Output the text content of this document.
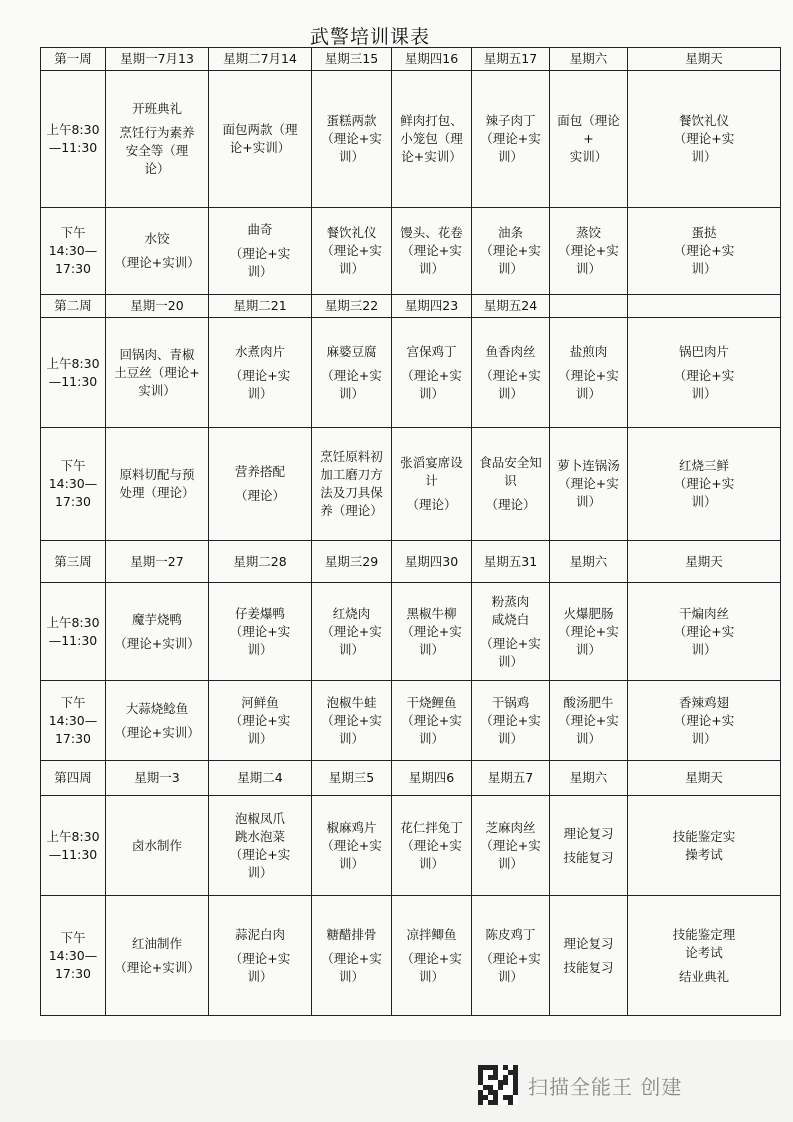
武警培训课表
第一周	星期一7月13	星期二7月14	星期三15	星期四16	星期五17	星期六	星期天

上午8:30
—11:30	开班典礼
烹饪行为素养
安全等（理
论）	面包两款（理
论+实训）	蛋糕两款
（理论+实
训）	鲜肉打包、
小笼包（理
论+实训）	辣子肉丁
（理论+实
训）	面包（理论+
实训）	餐饮礼仪
（理论+实
训）

下午
14:30—
17:30	水饺
（理论+实训）	曲奇
（理论+实
训）	餐饮礼仪
（理论+实训）	馒头、花卷
（理论+实
训）	油条
（理论+实训）	蒸饺
（理论+实
训）	蛋挞
（理论+实
训）

第二周	星期一20	星期二21	星期三22	星期四23	星期五24		

上午8:30
—11:30	回锅肉、青椒
土豆丝（理论+
实训）	水煮肉片
（理论+实
训）	麻婆豆腐
（理论+实
训）	宫保鸡丁
（理论+实
训）	鱼香肉丝
（理论+实
训）	盐煎肉
（理论+实
训）	锅巴肉片
（理论+实
训）

下午
14:30—
17:30	原料切配与预
处理（理论）	营养搭配
（理论）	烹饪原料初
加工磨刀方
法及刀具保
养（理论）	张滔宴席设
计
（理论）	食品安全知
识
（理论）	萝卜连锅汤
（理论+实
训）	红烧三鲜
（理论+实
训）

第三周	星期一27	星期二28	星期三29	星期四30	星期五31	星期六	星期天

上午8:30
—11:30	魔芋烧鸭
（理论+实训）	仔姜爆鸭
（理论+实
训）	红烧肉
（理论+实
训）	黑椒牛柳
（理论+实
训）	粉蒸肉
咸烧白
（理论+实
训）	火爆肥肠
（理论+实
训）	干煸肉丝
（理论+实
训）

下午
14:30—
17:30	大蒜烧鲶鱼
（理论+实训）	河鲜鱼
（理论+实
训）	泡椒牛蛙
（理论+实
训）	干烧鲤鱼
（理论+实
训）	干锅鸡
（理论+实
训）	酸汤肥牛
（理论+实
训）	香辣鸡翅
（理论+实
训）

第四周	星期一3	星期二4	星期三5	星期四6	星期五7	星期六	星期天

上午8:30
—11:30	卤水制作	泡椒凤爪
跳水泡菜
（理论+实
训）	椒麻鸡片
（理论+实
训）	花仁拌兔丁
（理论+实
训）	芝麻肉丝
（理论+实
训）	理论复习
技能复习	技能鉴定实
操考试

下午
14:30—
17:30	红油制作
（理论+实训）	蒜泥白肉
（理论+实
训）	糖醋排骨
（理论+实
训）	凉拌鲫鱼
（理论+实
训）	陈皮鸡丁
（理论+实
训）	理论复习
技能复习	技能鉴定理
论考试
结业典礼
扫描全能王 创建
